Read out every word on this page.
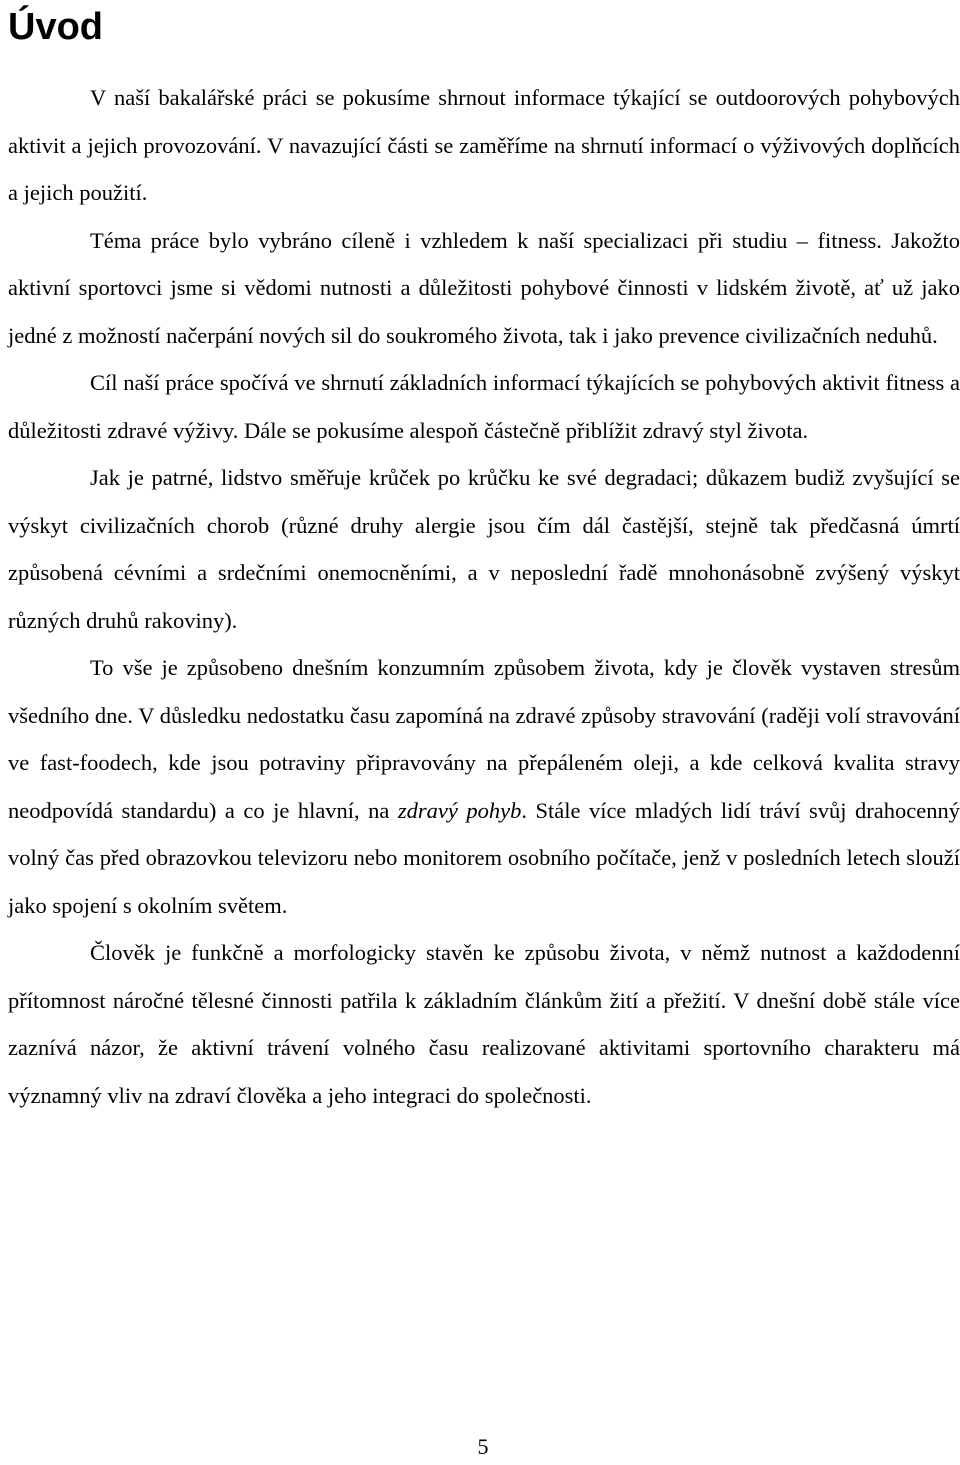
Úvod

V naší bakalářské práci se pokusíme shrnout informace týkající se outdoorových pohybových aktivit a jejich provozování. V navazující části se zaměříme na shrnutí informací o výživových doplňcích a jejich použití.

Téma práce bylo vybráno cíleně i vzhledem k naší specializaci při studiu – fitness. Jakožto aktivní sportovci jsme si vědomi nutnosti a důležitosti pohybové činnosti v lidském životě, ať už jako jedné z možností načerpání nových sil do soukromého života, tak i jako prevence civilizačních neduhů.

Cíl naší práce spočívá ve shrnutí základních informací týkajících se pohybových aktivit fitness a důležitosti zdravé výživy. Dále se pokusíme alespoň částečně přiblížit zdravý styl života.

Jak je patrné, lidstvo směřuje krůček po krůčku ke své degradaci; důkazem budiž zvyšující se výskyt civilizačních chorob (různé druhy alergie jsou čím dál častější, stejně tak předčasná úmrtí způsobená cévními a srdečními onemocněními, a v neposlední řadě mnohonásobně zvýšený výskyt různých druhů rakoviny).

To vše je způsobeno dnešním konzumním způsobem života, kdy je člověk vystaven stresům všedního dne. V důsledku nedostatku času zapomíná na zdravé způsoby stravování (raději volí stravování ve fast-foodech, kde jsou potraviny připravovány na přepáleném oleji, a kde celková kvalita stravy neodpovídá standardu) a co je hlavní, na zdravý pohyb. Stále více mladých lidí tráví svůj drahocenný volný čas před obrazovkou televizoru nebo monitorem osobního počítače, jenž v posledních letech slouží jako spojení s okolním světem.

Člověk je funkčně a morfologicky stavěn ke způsobu života, v němž nutnost a každodenní přítomnost náročné tělesné činnosti patřila k základním článkům žití a přežití. V dnešní době stále více zaznívá názor, že aktivní trávení volného času realizované aktivitami sportovního charakteru má významný vliv na zdraví člověka a jeho integraci do společnosti.

5
